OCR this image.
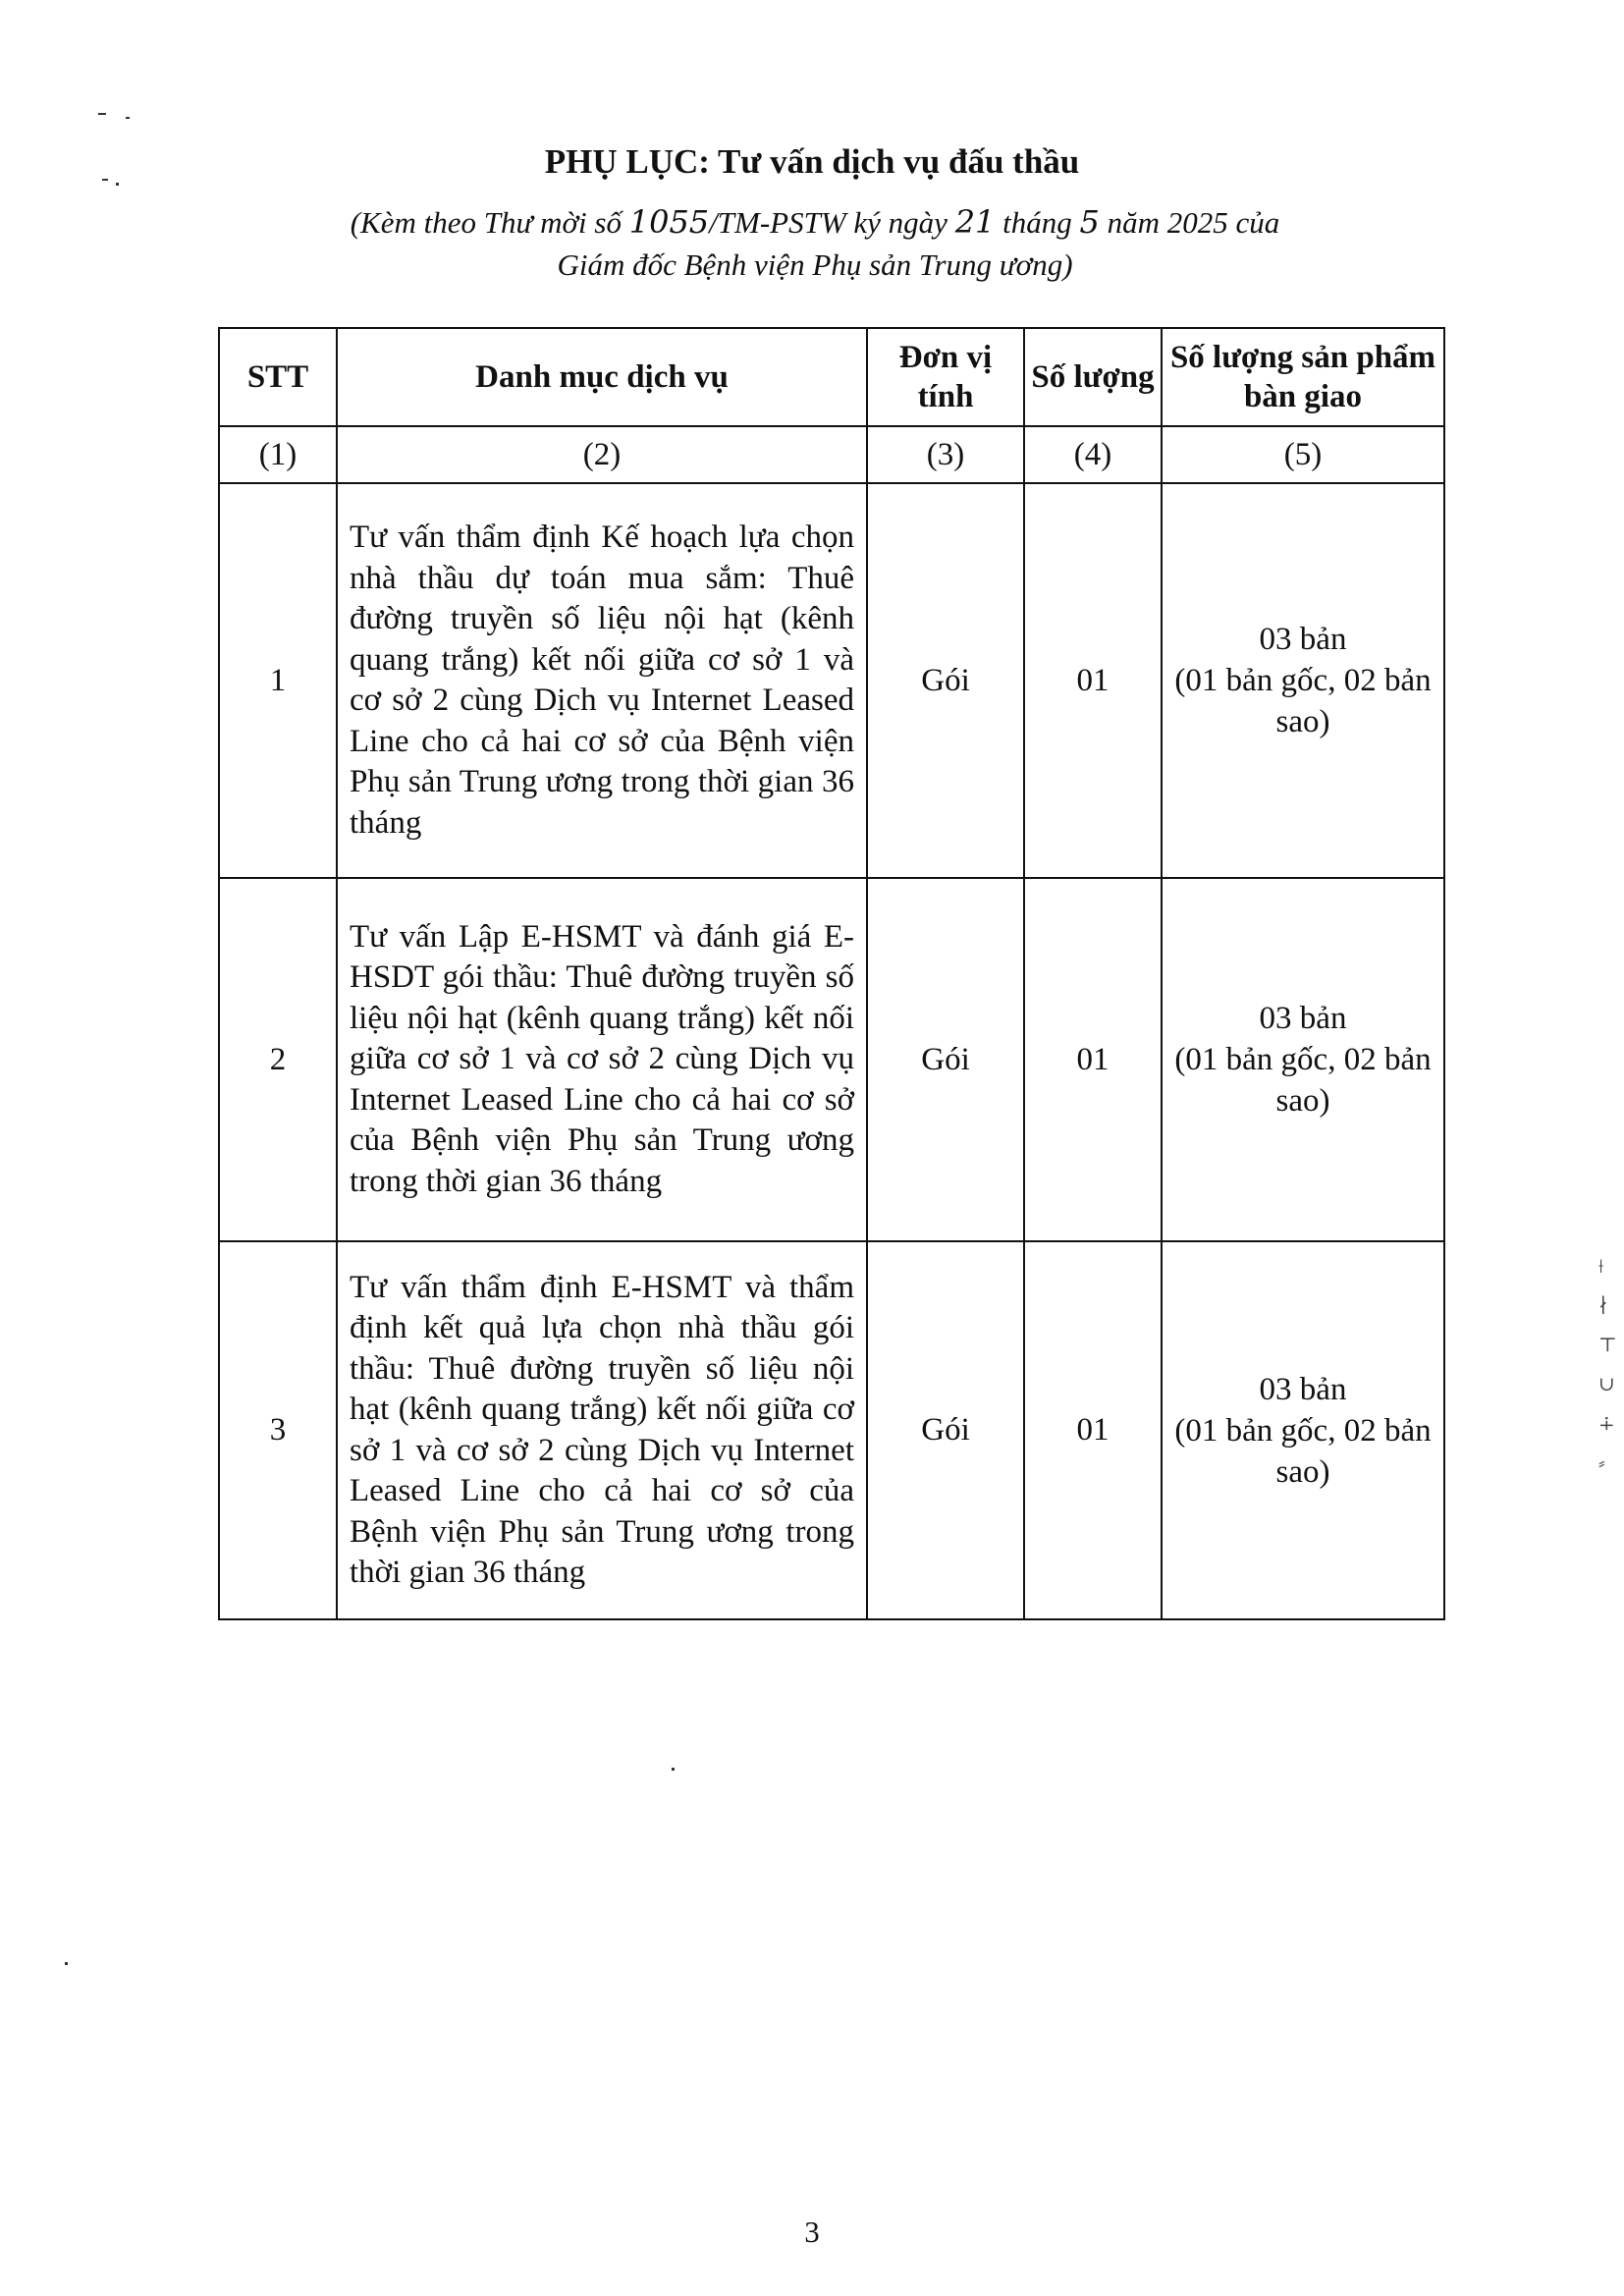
PHỤ LỤC: Tư vấn dịch vụ đấu thầu
(Kèm theo Thư mời số 1055/TM-PSTW ký ngày 21 tháng 5 năm 2025 của
Giám đốc Bệnh viện Phụ sản Trung ương)
STT	Danh mục dịch vụ	Đơn vị tính	Số lượng	Số lượng sản phẩm bàn giao
(1)	(2)	(3)	(4)	(5)
1	Tư vấn thẩm định Kế hoạch lựa chọn nhà thầu dự toán mua sắm: Thuê đường truyền số liệu nội hạt (kênh quang trắng) kết nối giữa cơ sở 1 và cơ sở 2 cùng Dịch vụ Internet Leased Line cho cả hai cơ sở của Bệnh viện Phụ sản Trung ương trong thời gian 36 tháng	Gói	01	03 bản
(01 bản gốc, 02 bản sao)
2	Tư vấn Lập E-HSMT và đánh giá E-HSDT gói thầu: Thuê đường truyền số liệu nội hạt (kênh quang trắng) kết nối giữa cơ sở 1 và cơ sở 2 cùng Dịch vụ Internet Leased Line cho cả hai cơ sở của Bệnh viện Phụ sản Trung ương trong thời gian 36 tháng	Gói	01	03 bản
(01 bản gốc, 02 bản sao)
3	Tư vấn thẩm định E-HSMT và thẩm định kết quả lựa chọn nhà thầu gói thầu: Thuê đường truyền số liệu nội hạt (kênh quang trắng) kết nối giữa cơ sở 1 và cơ sở 2 cùng Dịch vụ Internet Leased Line cho cả hai cơ sở của Bệnh viện Phụ sản Trung ương trong thời gian 36 tháng	Gói	01	03 bản
(01 bản gốc, 02 bản sao)
3
⟊
∤
⊤
∪
∔
⸗
